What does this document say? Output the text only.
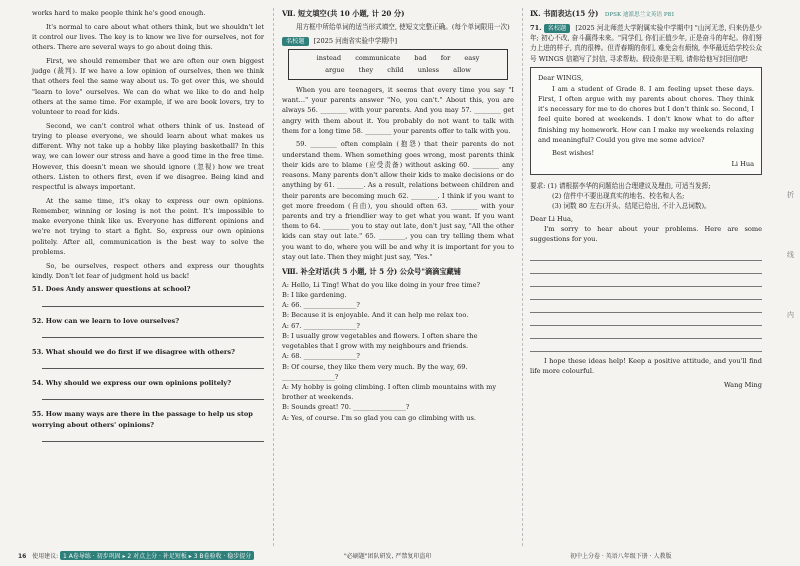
works hard to make people think he's good enough.

It's normal to care about what others think, but we shouldn't let it control our lives. The key is to know we live for ourselves, not for others. There are several ways to go about doing this.

First, we should remember that we are often our own biggest judge (裁判). If we have a low opinion of ourselves, then we think that others feel the same way about us. To get over this, we should "learn to love" ourselves. We can do what we like to do and help others at the same time. For example, if we are book lovers, try to volunteer to read for kids.

Second, we can't control what others think of us. Instead of trying to please everyone, we should learn about what makes us different. Why not take up a hobby like playing basketball? In this way, we can lower our stress and have a good time in the free time. However, this doesn't mean we should ignore (忽视) how we treat others. Listen to others first, even if we disagree. Being kind and respectful is always important.

At the same time, it's okay to express our own opinions. Remember, winning or losing is not the point. It's impossible to make everyone think like us. Everyone has different opinions and we're not trying to start a fight. So, express our own opinions politely. After all, communication is the best way to solve the problems.

So, be ourselves, respect others and express our thoughts kindly. Don't let fear of judgment hold us back!

51. Does Andy answer questions at school?
52. How can we learn to love ourselves?
53. What should we do first if we disagree with others?
54. Why should we express our own opinions politely?
55. How many ways are there in the passage to help us stop worrying about others' opinions?
Ⅶ. 短文填空(共 10 小题, 计 20 分)

用方框中所给单词的适当形式填空, 使短文完整正确。(每个单词限用一次)

名校题 [2025 河南省实验中学期中]
instead communicate bad for easy
argue they child unless allow

When you are teenagers, it seems that every time you say "I want…" your parents answer "No, you can't." About this, you are always 56. ________ with your parents. And you may 57. ________ get angry with them about it. You probably do not want to talk with them for a long time 58. ________ your parents offer to talk with you.

59. ________ often complain (抱怨) that their parents do not understand them. When something goes wrong, most parents think their kids are to blame (应受责备) without asking 60. ________ any reasons. Many parents don't allow their kids to make decisions or do anything by 61. ________. As a result, relations between children and their parents are becoming much 62. ________. I think if you want to get more freedom (自由), you should often 63. ________ with your parents and try a friendlier way to get what you want. If you want them to 64. ________ you to stay out late, don't just say, "All the other kids can stay out late." 65. ________, you can try telling them what you want to do, where you will be and why it is important for you to stay out late. Then they might just say, "Yes."

Ⅷ. 补全对话(共 5 小题, 计 5 分) 公众号"滴滴宝藏铺
A: Hello, Li Ting! What do you like doing in your free time?
B: I like gardening.
A: 66. ________________?
B: Because it is enjoyable. And it can help me relax too.
A: 67. ________________?
B: I usually grow vegetables and flowers. I often share the vegetables that I grow with my neighbours and friends.
A: 68. ________________?
B: Of course, they like them very much. By the way, 69. ________________?
A: My hobby is going climbing. I often climb mountains with my brother at weekends.
B: Sounds great! 70. ________________?
A: Yes, of course. I'm so glad you can go climbing with us.
Ⅸ. 书面表达(15 分) DPSK 迪派思兰文英语 P81

71. 名校题 [2025 河北师范大学附属实验中学期中] "山河无恙, 归来仍是少年; 初心不改, 奋斗赢得未来。"同学们, 你们正值少年, 正是奋斗的年纪。你们努力上进的样子, 真的很棒。但青春期的你们, 难免会有烦恼, 李华最近给学校公众号 WINGS 信箱写了封信, 寻求帮助。假设你是王明, 请你给他写封回信吧!

Dear WINGS,

I am a student of Grade 8. I am feeling upset these days. First, I often argue with my parents about chores. They think it's necessary for me to do chores but I don't think so. Second, I feel quite bored at weekends. I don't know what to do after finishing my homework. How can I make my weekends relaxing and meaningful? Could you give me some advice?

Best wishes!
Li Hua
要求: (1) 请根据李华的问题给出合理建议及理由, 可适当发挥;
(2) 信件中不要出现真实的地名、校名和人名;
(3) 词数 80 左右(开头、结尾已给出, 不计入总词数)。
Dear Li Hua,

I'm sorry to hear about your problems. Here are some suggestions for you.

I hope these ideas help! Keep a positive attitude, and you'll find life more colourful.

Wang Ming
折
线
内
16 使用建议: 1 A卷导练 · 初步巩固 ▸ 2 对点上分 · 补足短板 ▸ 3 B卷验收 · 稳步提分	"必刷题"团队研发, 严禁复印盗印	初中上分卷 · 英语八年级下册 · 人教版
